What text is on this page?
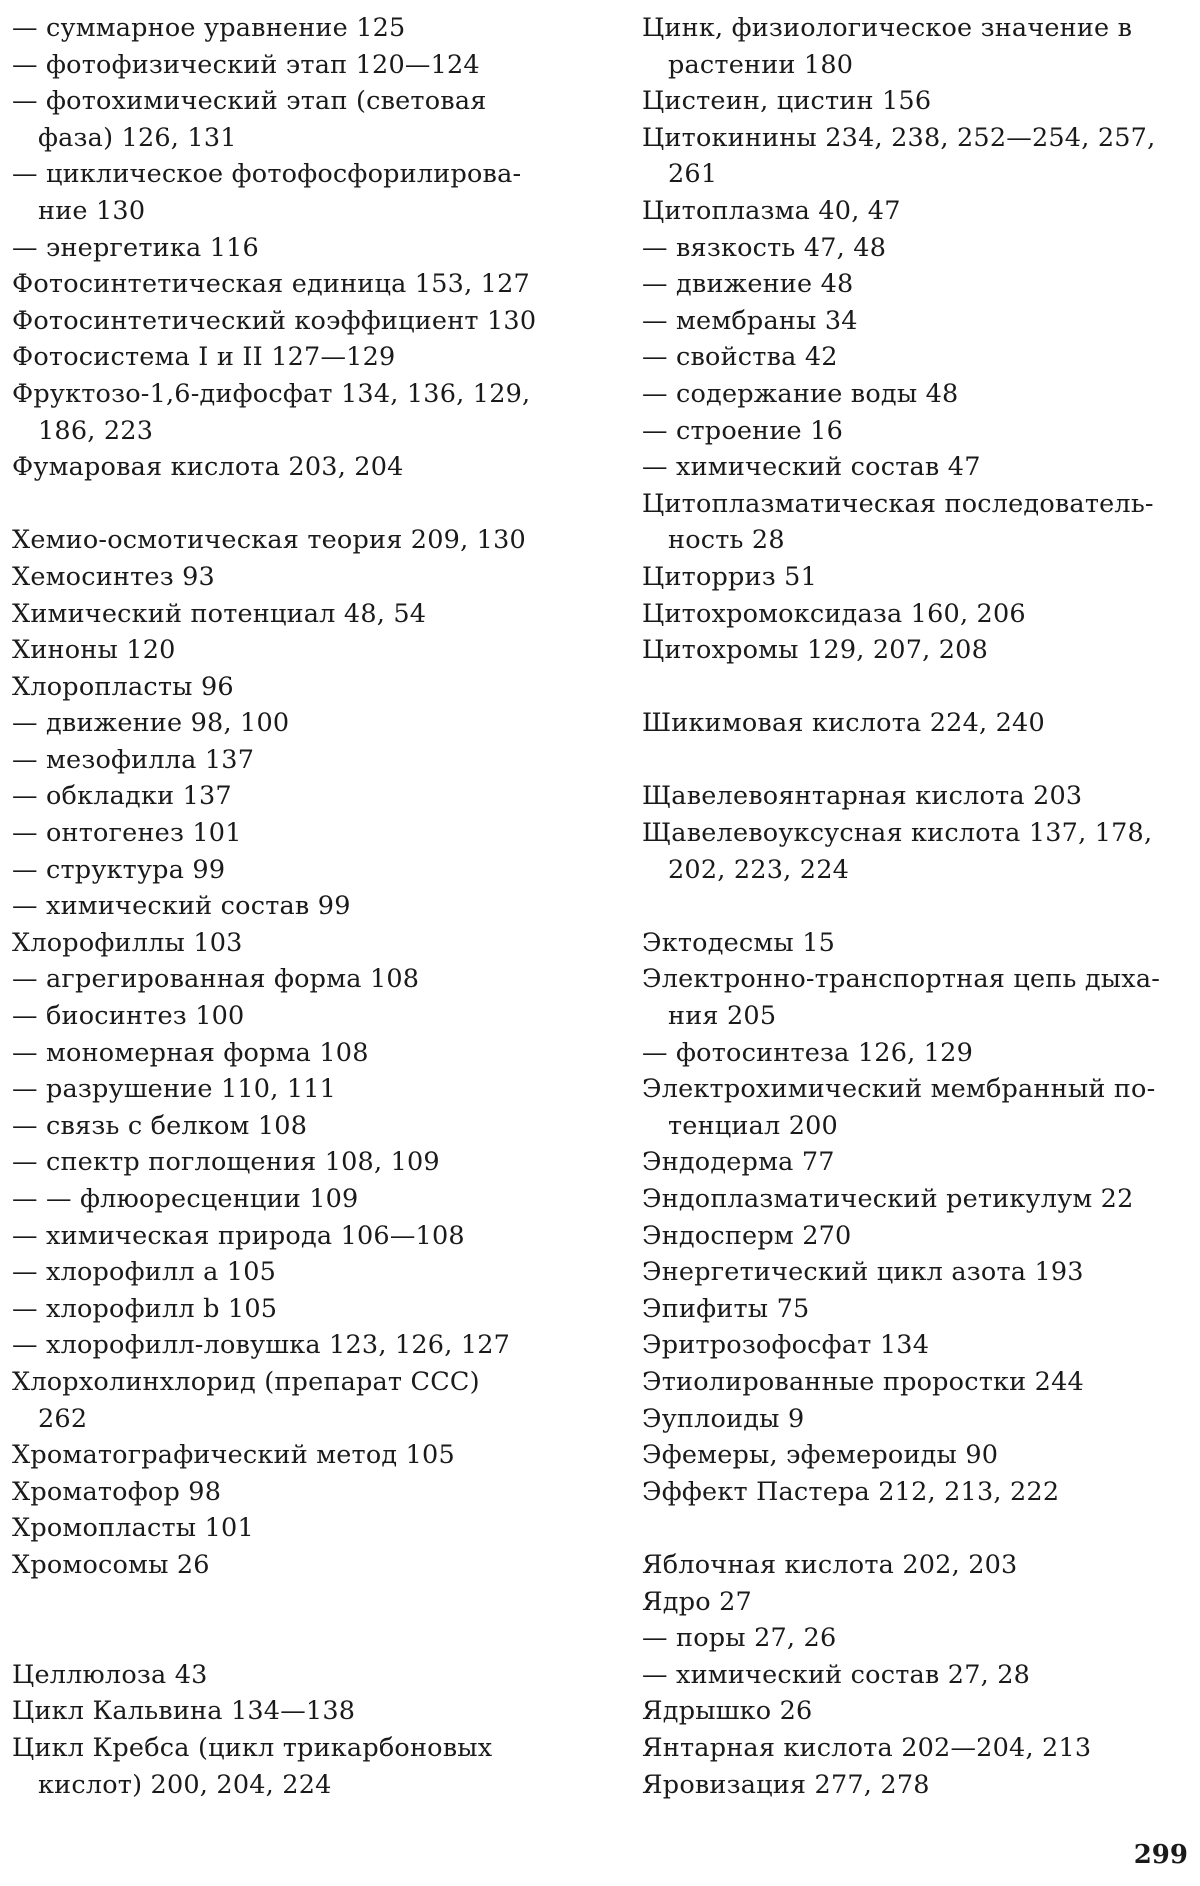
— суммарное уравнение 125
— фотофизический этап 120—124
— фотохимический этап (световая
фаза) 126, 131
— циклическое фотофосфорилирова-
ние 130
— энергетика 116
Фотосинтетическая единица 153, 127
Фотосинтетический коэффициент 130
Фотосистема I и II 127—129
Фруктозо-1,6-дифосфат 134, 136, 129,
186, 223
Фумаровая кислота 203, 204
Хемио-осмотическая теория 209, 130
Хемосинтез 93
Химический потенциал 48, 54
Хиноны 120
Хлоропласты 96
— движение 98, 100
— мезофилла 137
— обкладки 137
— онтогенез 101
— структура 99
— химический состав 99
Хлорофиллы 103
— агрегированная форма 108
— биосинтез 100
— мономерная форма 108
— разрушение 110, 111
— связь с белком 108
— спектр поглощения 108, 109
— — флюоресценции 109
— химическая природа 106—108
— хлорофилл а 105
— хлорофилл b 105
— хлорофилл-ловушка 123, 126, 127
Хлорхолинхлорид (препарат ССС)
262
Хроматографический метод 105
Хроматофор 98
Хромопласты 101
Хромосомы 26
Целлюлоза 43
Цикл Кальвина 134—138
Цикл Кребса (цикл трикарбоновых
кислот) 200, 204, 224
Цинк, физиологическое значение в
растении 180
Цистеин, цистин 156
Цитокинины 234, 238, 252—254, 257,
261
Цитоплазма 40, 47
— вязкость 47, 48
— движение 48
— мембраны 34
— свойства 42
— содержание воды 48
— строение 16
— химический состав 47
Цитоплазматическая последователь-
ность 28
Циторриз 51
Цитохромоксидаза 160, 206
Цитохромы 129, 207, 208
Шикимовая кислота 224, 240
Щавелевоянтарная кислота 203
Щавелевоуксусная кислота 137, 178,
202, 223, 224
Эктодесмы 15
Электронно-транспортная цепь дыха-
ния 205
— фотосинтеза 126, 129
Электрохимический мембранный по-
тенциал 200
Эндодерма 77
Эндоплазматический ретикулум 22
Эндосперм 270
Энергетический цикл азота 193
Эпифиты 75
Эритрозофосфат 134
Этиолированные проростки 244
Эуплоиды 9
Эфемеры, эфемероиды 90
Эффект Пастера 212, 213, 222
Яблочная кислота 202, 203
Ядро 27
— поры 27, 26
— химический состав 27, 28
Ядрышко 26
Янтарная кислота 202—204, 213
Яровизация 277, 278
299
